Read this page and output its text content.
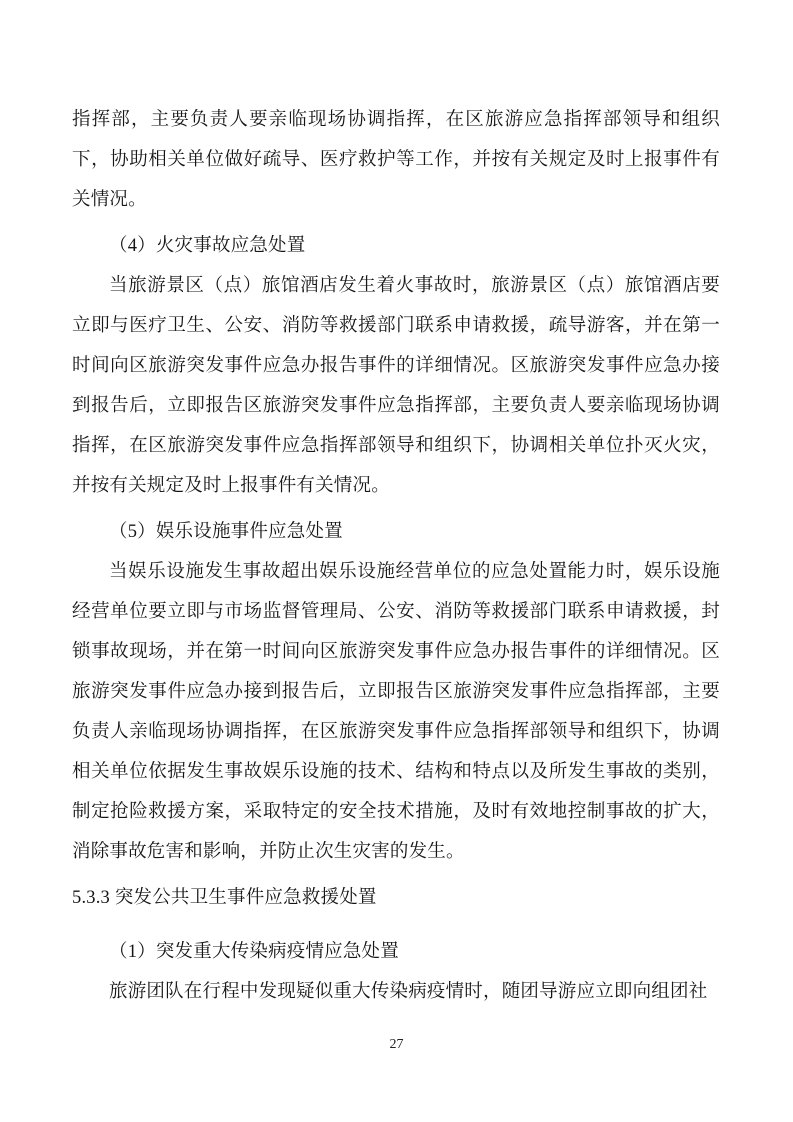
指挥部，主要负责人要亲临现场协调指挥，在区旅游应急指挥部领导和组织下，协助相关单位做好疏导、医疗救护等工作，并按有关规定及时上报事件有关情况。

（4）火灾事故应急处置

当旅游景区（点）旅馆酒店发生着火事故时，旅游景区（点）旅馆酒店要立即与医疗卫生、公安、消防等救援部门联系申请救援，疏导游客，并在第一时间向区旅游突发事件应急办报告事件的详细情况。区旅游突发事件应急办接到报告后，立即报告区旅游突发事件应急指挥部，主要负责人要亲临现场协调指挥，在区旅游突发事件应急指挥部领导和组织下，协调相关单位扑灭火灾，并按有关规定及时上报事件有关情况。

（5）娱乐设施事件应急处置

当娱乐设施发生事故超出娱乐设施经营单位的应急处置能力时，娱乐设施经营单位要立即与市场监督管理局、公安、消防等救援部门联系申请救援，封锁事故现场，并在第一时间向区旅游突发事件应急办报告事件的详细情况。区旅游突发事件应急办接到报告后，立即报告区旅游突发事件应急指挥部，主要负责人亲临现场协调指挥，在区旅游突发事件应急指挥部领导和组织下，协调相关单位依据发生事故娱乐设施的技术、结构和特点以及所发生事故的类别，制定抢险救援方案，采取特定的安全技术措施，及时有效地控制事故的扩大，消除事故危害和影响，并防止次生灾害的发生。

5.3.3 突发公共卫生事件应急救援处置

（1）突发重大传染病疫情应急处置

旅游团队在行程中发现疑似重大传染病疫情时，随团导游应立即向组团社

27
